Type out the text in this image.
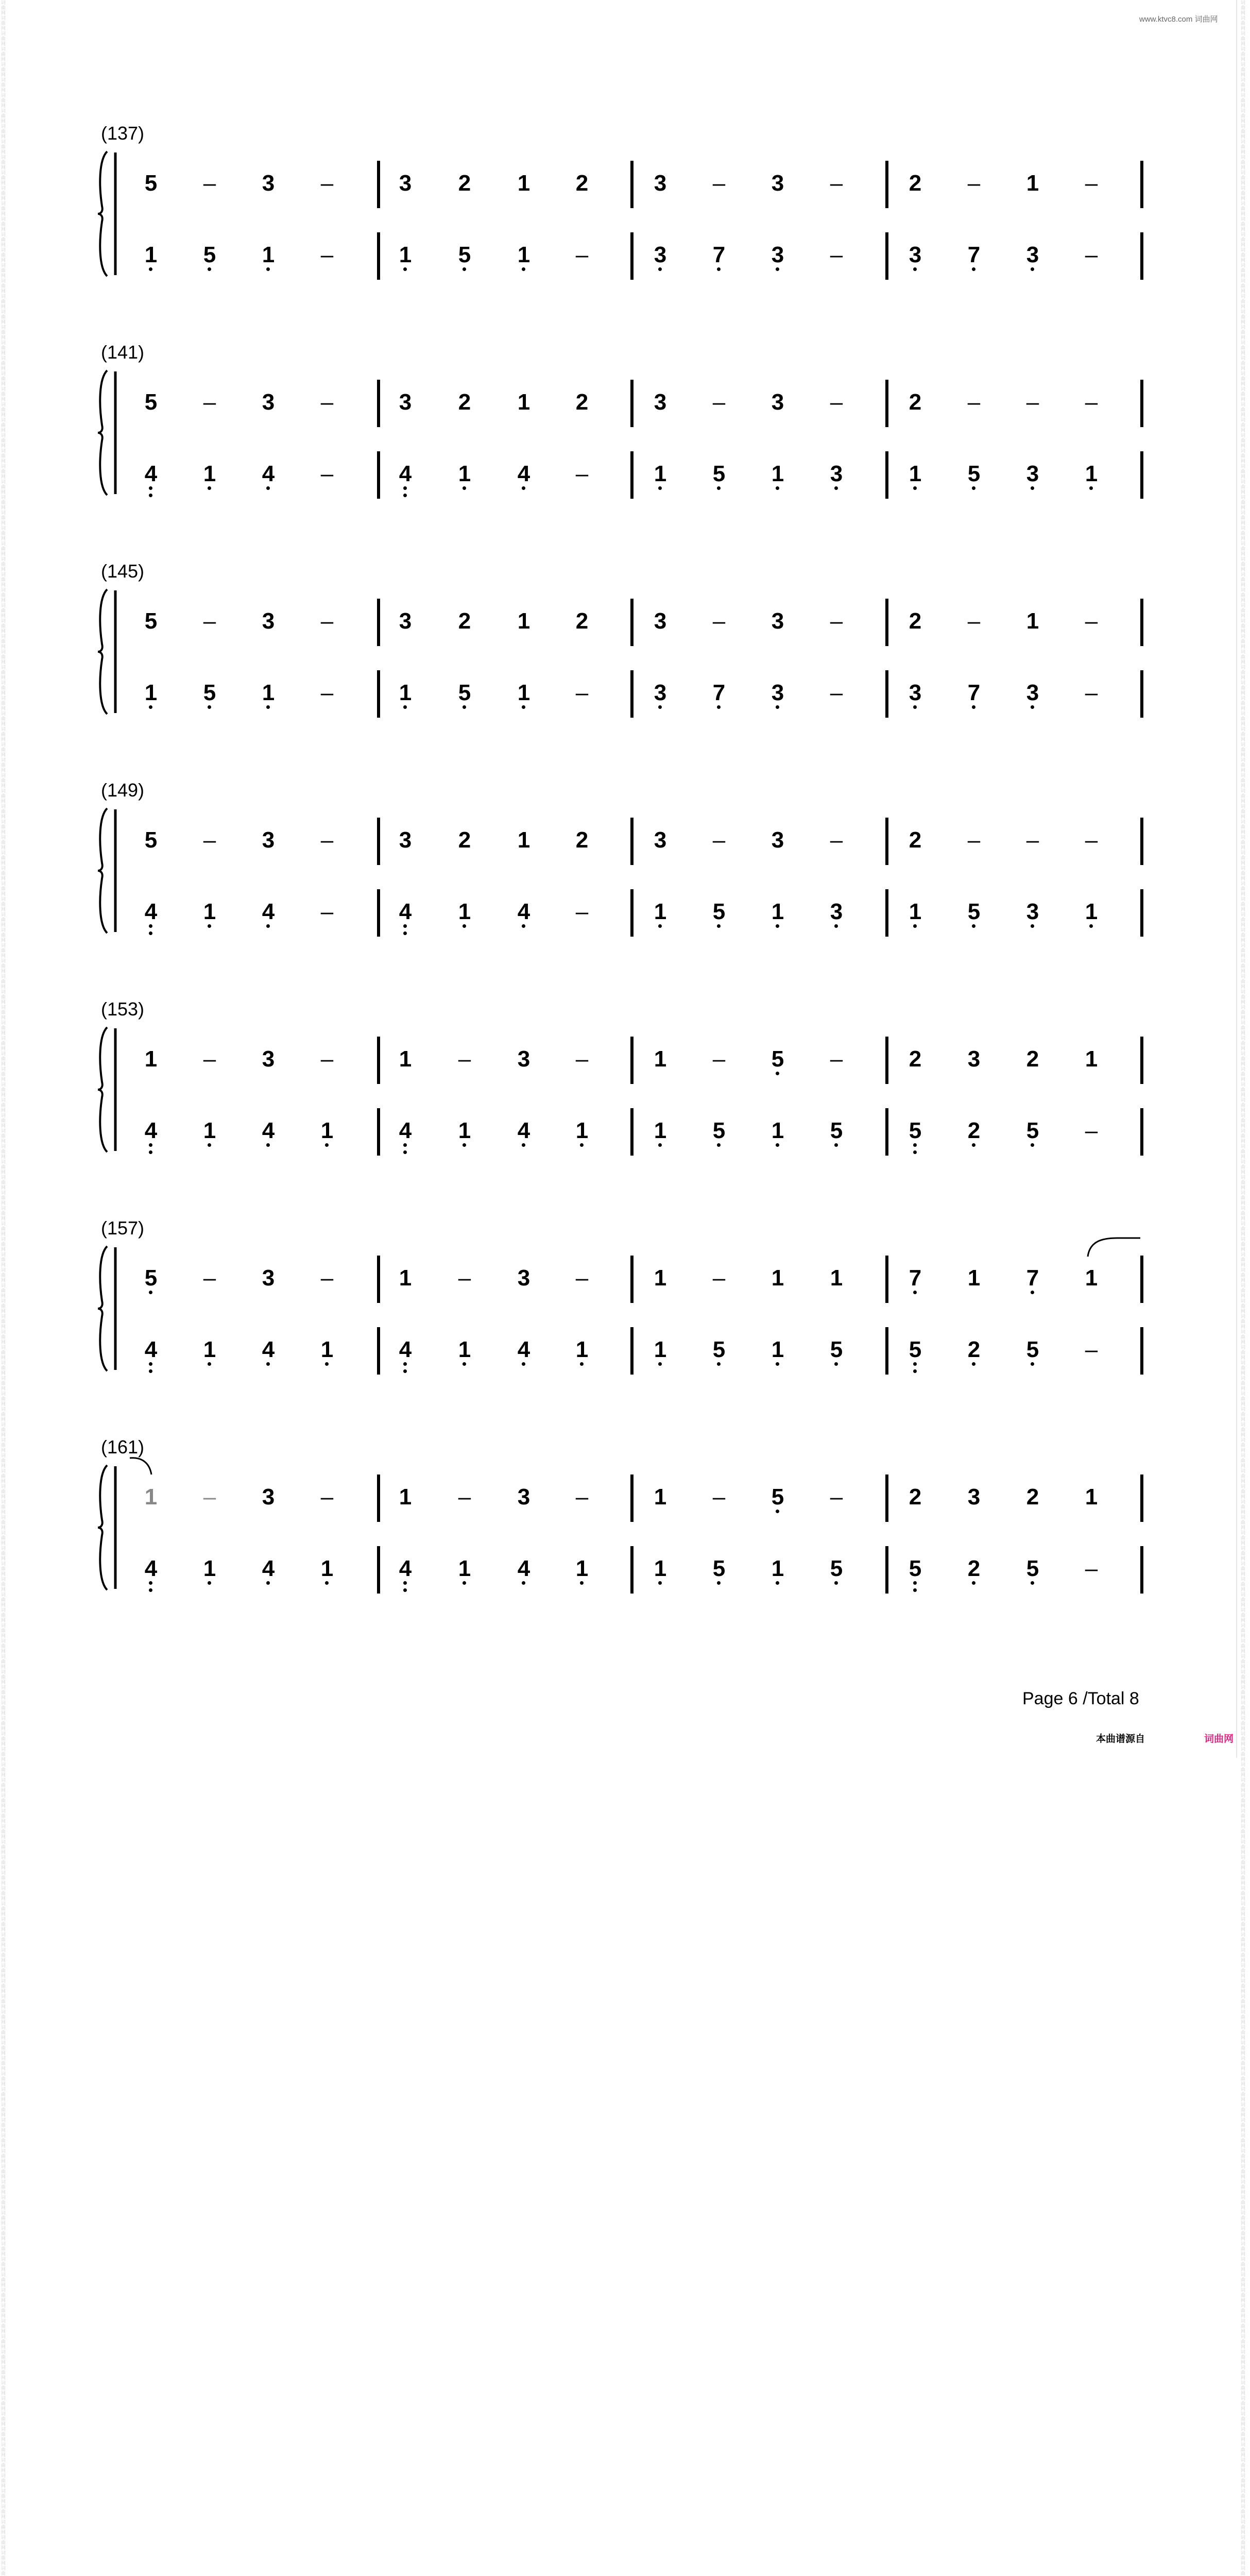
词曲网词曲网词曲网词曲网词曲网词曲网词曲网词曲网词曲网词曲网词曲网词曲网词曲网词曲网词曲网词曲网词曲网词曲网词曲网词曲网词曲网词曲网词曲网词曲网词曲网词曲网词曲网词曲网词曲网词曲网词曲网词曲网词曲网词曲网词曲网词曲网词曲网词曲网词曲网词曲网词曲网词曲网词曲网词曲网词曲网词曲网词曲网词曲网词曲网词曲网词曲网词曲网词曲网词曲网词曲网词曲网词曲网词曲网词曲网词曲网词曲网词曲网词曲网词曲网词曲网词曲网词曲网词曲网词曲网词曲网词曲网词曲网词曲网词曲网词曲网词曲网词曲网词曲网词曲网词曲网词曲网词曲网词曲网词曲网词曲网词曲网词曲网词曲网词曲网词曲网词曲网词曲网词曲网词曲网词曲网词曲网词曲网词曲网词曲网词曲网词曲网词曲网词曲网词曲网词曲网词曲网词曲网词曲网词曲网词曲网词曲网词曲网词曲网词曲网词曲网词曲网词曲网词曲网词曲网词曲网词曲网词曲网词曲网词曲网词曲网词曲网词曲网词曲网词曲网词曲网词曲网词曲网词曲网词曲网词曲网词曲网词曲网词曲网词曲网词曲网词曲网词曲网词曲网词曲网词曲网词曲网词曲网词曲网词曲网词曲网词曲网词曲网词曲网词曲网词曲网词曲网词曲网词曲网词曲网词曲网词曲网词曲网词曲网词曲网词曲网词曲网词曲
词曲网词曲网词曲网词曲网词曲网词曲网词曲网词曲网词曲网词曲网词曲网词曲网词曲网词曲网词曲网词曲网词曲网词曲网词曲网词曲网词曲网词曲网词曲网词曲网词曲网词曲网词曲网词曲网词曲网词曲网词曲网词曲网词曲网词曲网词曲网词曲网词曲网词曲网词曲网词曲网词曲网词曲网词曲网词曲网词曲网词曲网词曲网词曲网词曲网词曲网词曲网词曲网词曲网词曲网词曲网词曲网词曲网词曲网词曲网词曲网词曲网词曲网词曲网词曲网词曲网词曲网词曲网词曲网词曲网词曲网词曲网词曲网词曲网词曲网词曲网词曲网词曲网词曲网词曲网词曲网词曲网词曲网词曲网词曲网词曲网词曲网词曲网词曲网词曲网词曲网词曲网词曲网词曲网词曲网词曲网词曲网词曲网词曲网词曲网词曲网词曲网词曲网词曲网词曲网词曲网词曲网词曲网词曲网词曲网词曲网词曲网词曲网词曲网词曲网词曲网词曲网词曲网词曲网词曲网词曲网词曲网词曲网词曲网词曲网词曲网词曲网词曲网词曲网词曲网词曲网词曲网词曲网词曲网词曲网词曲网词曲网词曲网词曲网词曲网词曲网词曲网词曲网词曲网词曲网词曲网词曲网词曲网词曲网词曲网词曲网词曲网词曲网词曲网词曲网词曲网词曲网词曲网词曲网词曲网词曲网词曲网词曲网词曲网词曲网词曲网词曲网词曲
www.ktvc8.com 词曲网
(137)
5	–	3	–	3	2	1	2	3	–	3	–	2	–	1	–
1	5	1	–	1	5	1	–	3	7	3	–	3	7	3	–
(141)
5	–	3	–	3	2	1	2	3	–	3	–	2	–	–	–
4	1	4	–	4	1	4	–	1	5	1	3	1	5	3	1
(145)
5	–	3	–	3	2	1	2	3	–	3	–	2	–	1	–
1	5	1	–	1	5	1	–	3	7	3	–	3	7	3	–
(149)
5	–	3	–	3	2	1	2	3	–	3	–	2	–	–	–
4	1	4	–	4	1	4	–	1	5	1	3	1	5	3	1
(153)
1	–	3	–	1	–	3	–	1	–	5	–	2	3	2	1
4	1	4	1	4	1	4	1	1	5	1	5	5	2	5	–
(157)
5	–	3	–	1	–	3	–	1	–	1	1	7	1	7	1
4	1	4	1	4	1	4	1	1	5	1	5	5	2	5	–
(161)
1	–	3	–	1	–	3	–	1	–	5	–	2	3	2	1
4	1	4	1	4	1	4	1	1	5	1	5	5	2	5	–
Page 6 /Total 8
本曲谱源自	词曲网
